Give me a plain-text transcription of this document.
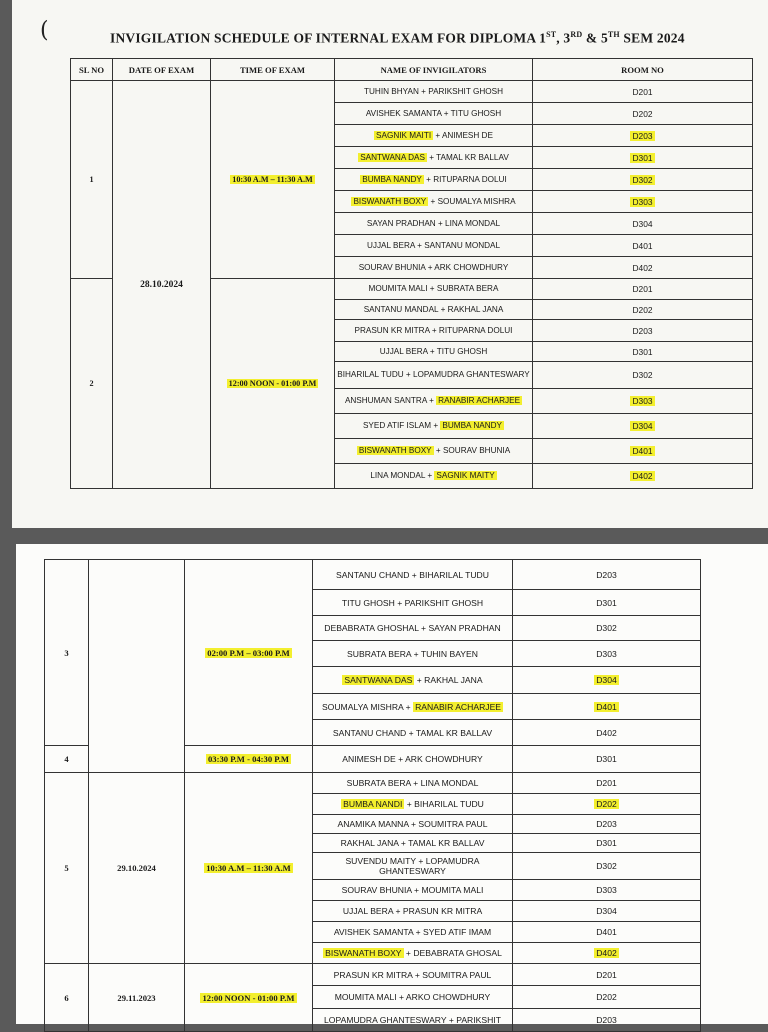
(	INVIGILATION SCHEDULE OF INTERNAL EXAM FOR DIPLOMA 1ST, 3RD & 5TH SEM 2024
SL NO	DATE OF EXAM	TIME OF EXAM	NAME OF INVIGILATORS	ROOM NO
1	28.10.2024	10:30 A.M – 11:30 A.M	TUHIN BHYAN + PARIKSHIT GHOSH	D201
			AVISHEK SAMANTA + TITU GHOSH	D202
			SAGNIK MAITI + ANIMESH DE	D203
			SANTWANA DAS + TAMAL KR BALLAV	D301
			BUMBA NANDY + RITUPARNA DOLUI	D302
			BISWANATH BOXY + SOUMALYA MISHRA	D303
			SAYAN PRADHAN + LINA MONDAL	D304
			UJJAL BERA + SANTANU MONDAL	D401
			SOURAV BHUNIA + ARK CHOWDHURY	D402
2		12:00 NOON - 01:00 P.M	MOUMITA MALI + SUBRATA BERA	D201
			SANTANU MANDAL + RAKHAL JANA	D202
			PRASUN KR MITRA + RITUPARNA DOLUI	D203
			UJJAL BERA + TITU GHOSH	D301
			BIHARILAL TUDU + LOPAMUDRA GHANTESWARY	D302
			ANSHUMAN SANTRA + RANABIR ACHARJEE	D303
			SYED ATIF ISLAM + BUMBA NANDY	D304
			BISWANATH BOXY + SOURAV BHUNIA	D401
			LINA MONDAL + SAGNIK MAITY	D402
3		02:00 P.M – 03:00 P.M	SANTANU CHAND + BIHARILAL TUDU	D203
			TITU GHOSH + PARIKSHIT GHOSH	D301
			DEBABRATA GHOSHAL + SAYAN PRADHAN	D302
			SUBRATA BERA + TUHIN BAYEN	D303
			SANTWANA DAS + RAKHAL JANA	D304
			SOUMALYA MISHRA + RANABIR ACHARJEE	D401
			SANTANU CHAND + TAMAL KR BALLAV	D402
4		03:30 P.M - 04:30 P.M	ANIMESH DE + ARK CHOWDHURY	D301
5	29.10.2024	10:30 A.M – 11:30 A.M	SUBRATA BERA + LINA MONDAL	D201
			BUMBA NANDI + BIHARILAL TUDU	D202
			ANAMIKA MANNA + SOUMITRA PAUL	D203
			RAKHAL JANA + TAMAL KR BALLAV	D301
			SUVENDU MAITY + LOPAMUDRA GHANTESWARY	D302
			SOURAV BHUNIA + MOUMITA MALI	D303
			UJJAL BERA + PRASUN KR MITRA	D304
			AVISHEK SAMANTA + SYED ATIF IMAM	D401
			BISWANATH BOXY + DEBABRATA GHOSAL	D402
6	29.11.2023	12:00 NOON - 01:00 P.M	PRASUN KR MITRA + SOUMITRA PAUL	D201
			MOUMITA MALI + ARKO CHOWDHURY	D202
			LOPAMUDRA GHANTESWARY + PARIKSHIT	D203
